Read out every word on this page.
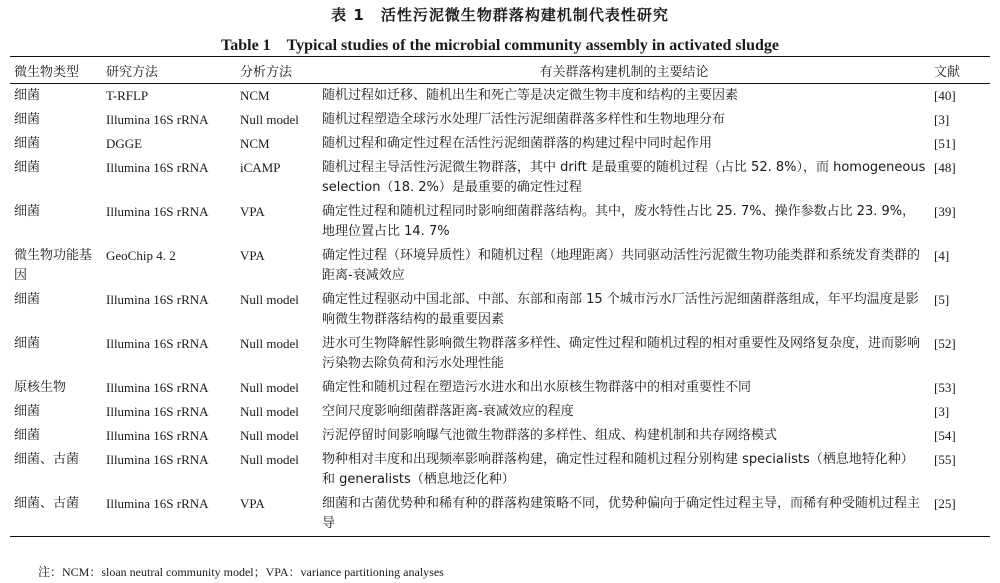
表 1　活性污泥微生物群落构建机制代表性研究
Table 1　Typical studies of the microbial community assembly in activated sludge
微生物类型	研究方法	分析方法	有关群落构建机制的主要结论	文献
细菌	T-RFLP	NCM	随机过程如迁移、随机出生和死亡等是决定微生物丰度和结构的主要因素	[40]
细菌	Illumina 16S rRNA	Null model	随机过程塑造全球污水处理厂活性污泥细菌群落多样性和生物地理分布	[3]
细菌	DGGE	NCM	随机过程和确定性过程在活性污泥细菌群落的构建过程中同时起作用	[51]
细菌	Illumina 16S rRNA	iCAMP	随机过程主导活性污泥微生物群落，其中 drift 是最重要的随机过程（占比 52. 8%），而 homogeneous selection（18. 2%）是最重要的确定性过程	[48]
细菌	Illumina 16S rRNA	VPA	确定性过程和随机过程同时影响细菌群落结构。其中，废水特性占比 25. 7%、操作参数占比 23. 9%，地理位置占比 14. 7%	[39]
微生物功能基因	GeoChip 4. 2	VPA	确定性过程（环境异质性）和随机过程（地理距离）共同驱动活性污泥微生物功能类群和系统发育类群的距离-衰减效应	[4]
细菌	Illumina 16S rRNA	Null model	确定性过程驱动中国北部、中部、东部和南部 15 个城市污水厂活性污泥细菌群落组成，年平均温度是影响微生物群落结构的最重要因素	[5]
细菌	Illumina 16S rRNA	Null model	进水可生物降解性影响微生物群落多样性、确定性过程和随机过程的相对重要性及网络复杂度，进而影响污染物去除负荷和污水处理性能	[52]
原核生物	Illumina 16S rRNA	Null model	确定性和随机过程在塑造污水进水和出水原核生物群落中的相对重要性不同	[53]
细菌	Illumina 16S rRNA	Null model	空间尺度影响细菌群落距离-衰减效应的程度	[3]
细菌	Illumina 16S rRNA	Null model	污泥停留时间影响曝气池微生物群落的多样性、组成、构建机制和共存网络模式	[54]
细菌、古菌	Illumina 16S rRNA	Null model	物种相对丰度和出现频率影响群落构建，确定性过程和随机过程分别构建 specialists（栖息地特化种）和 generalists（栖息地泛化种）	[55]
细菌、古菌	Illumina 16S rRNA	VPA	细菌和古菌优势种和稀有种的群落构建策略不同，优势种偏向于确定性过程主导，而稀有种受随机过程主导	[25]
注：NCM：sloan neutral community model；VPA：variance partitioning analyses
